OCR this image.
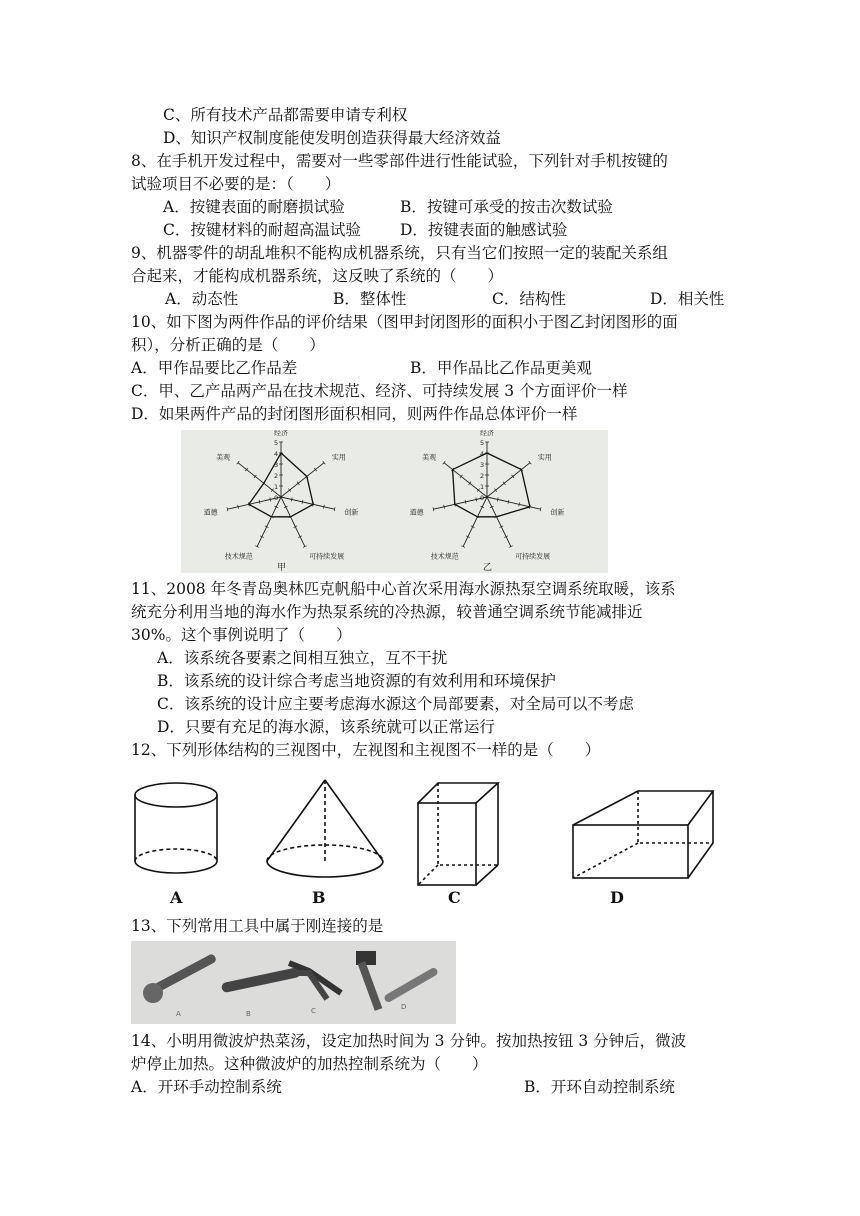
C、所有技术产品都需要申请专利权
D、知识产权制度能使发明创造获得最大经济效益
8、在手机开发过程中，需要对一些零部件进行性能试验，下列针对手机按键的
试验项目不必要的是：（　　）
A．按键表面的耐磨损试验	B．按键可承受的按击次数试验
C．按键材料的耐超高温试验	D．按键表面的触感试验
9、机器零件的胡乱堆积不能构成机器系统，只有当它们按照一定的装配关系组
合起来，才能构成机器系统，这反映了系统的（　　）
A．动态性	B．整体性	C．结构性	D．相关性
10、如下图为两件作品的评价结果（图甲封闭图形的面积小于图乙封闭图形的面
积），分析正确的是（　　）
A．甲作品要比乙作品差	B．甲作品比乙作品更美观
C．甲、乙产品两产品在技术规范、经济、可持续发展 3 个方面评价一样
D．如果两件产品的封闭图形面积相同，则两件作品总体评价一样
经济
实用
创新
可持续发展
技术规范
道德
美观
5
4
3
2
1
0
甲
经济
实用
创新
可持续发展
技术规范
道德
美观
5
4
3
2
1
0
乙
11、2008 年冬青岛奥林匹克帆船中心首次采用海水源热泵空调系统取暖，该系
统充分利用当地的海水作为热泵系统的冷热源，较普通空调系统节能减排近
30%。这个事例说明了（　　）
A．该系统各要素之间相互独立，互不干扰
B．该系统的设计综合考虑当地资源的有效利用和环境保护
C．该系统的设计应主要考虑海水源这个局部要素，对全局可以不考虑
D．只要有充足的海水源，该系统就可以正常运行
12、下列形体结构的三视图中，左视图和主视图不一样的是（　　）
A	B	C	D
13、下列常用工具中属于刚连接的是
A	B	C	D
14、小明用微波炉热菜汤，设定加热时间为 3 分钟。按加热按钮 3 分钟后，微波
炉停止加热。这种微波炉的加热控制系统为（　　）
A．开环手动控制系统	B．开环自动控制系统
